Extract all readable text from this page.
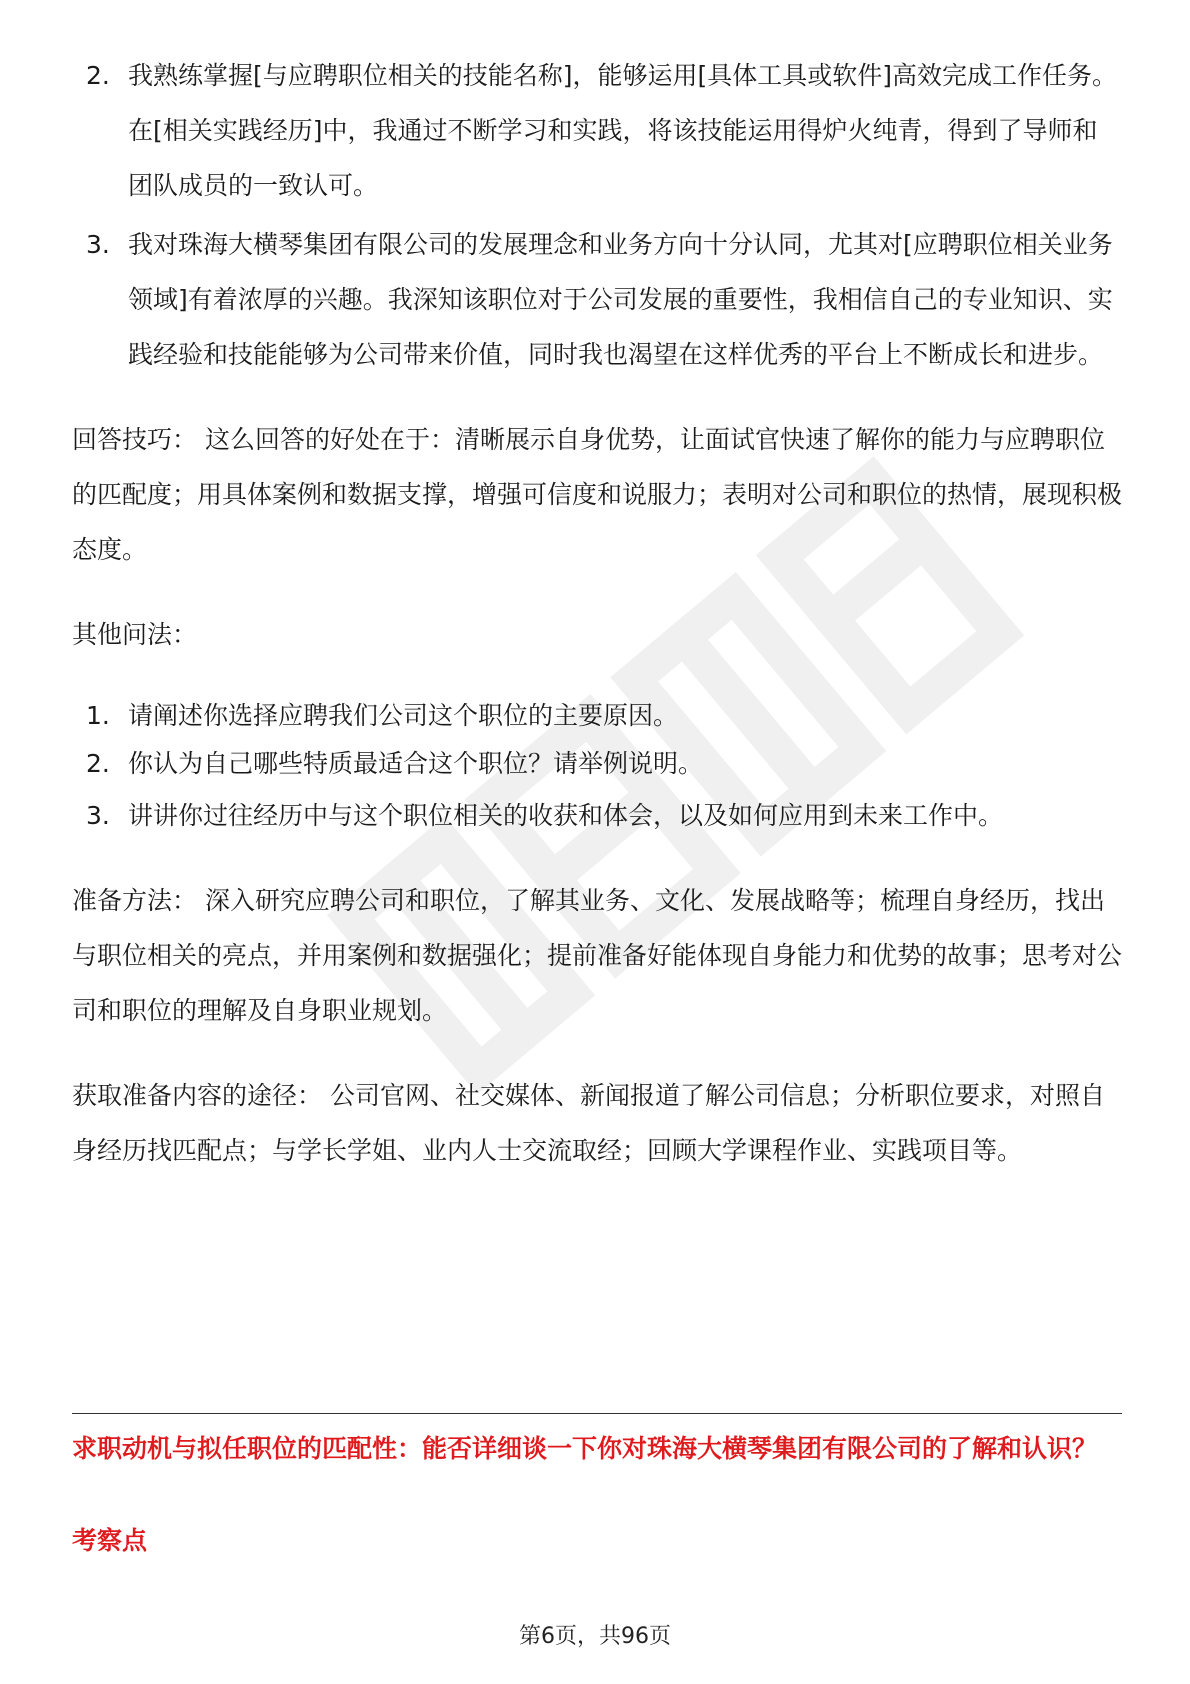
2. 我熟练掌握[与应聘职位相关的技能名称]，能够运用[具体工具或软件]高效完成工作任务。在[相关实践经历]中，我通过不断学习和实践，将该技能运用得炉火纯青，得到了导师和团队成员的一致认可。
3. 我对珠海大横琴集团有限公司的发展理念和业务方向十分认同，尤其对[应聘职位相关业务领域]有着浓厚的兴趣。我深知该职位对于公司发展的重要性，我相信自己的专业知识、实践经验和技能能够为公司带来价值，同时我也渴望在这样优秀的平台上不断成长和进步。

回答技巧： 这么回答的好处在于：清晰展示自身优势，让面试官快速了解你的能力与应聘职位的匹配度；用具体案例和数据支撑，增强可信度和说服力；表明对公司和职位的热情，展现积极态度。

其他问法：

1. 请阐述你选择应聘我们公司这个职位的主要原因。
2. 你认为自己哪些特质最适合这个职位？请举例说明。
3. 讲讲你过往经历中与这个职位相关的收获和体会，以及如何应用到未来工作中。

准备方法： 深入研究应聘公司和职位，了解其业务、文化、发展战略等；梳理自身经历，找出与职位相关的亮点，并用案例和数据强化；提前准备好能体现自身能力和优势的故事；思考对公司和职位的理解及自身职业规划。

获取准备内容的途径： 公司官网、社交媒体、新闻报道了解公司信息；分析职位要求，对照自身经历找匹配点；与学长学姐、业内人士交流取经；回顾大学课程作业、实践项目等。

求职动机与拟任职位的匹配性：能否详细谈一下你对珠海大横琴集团有限公司的了解和认识？
考察点
第6页，共96页
